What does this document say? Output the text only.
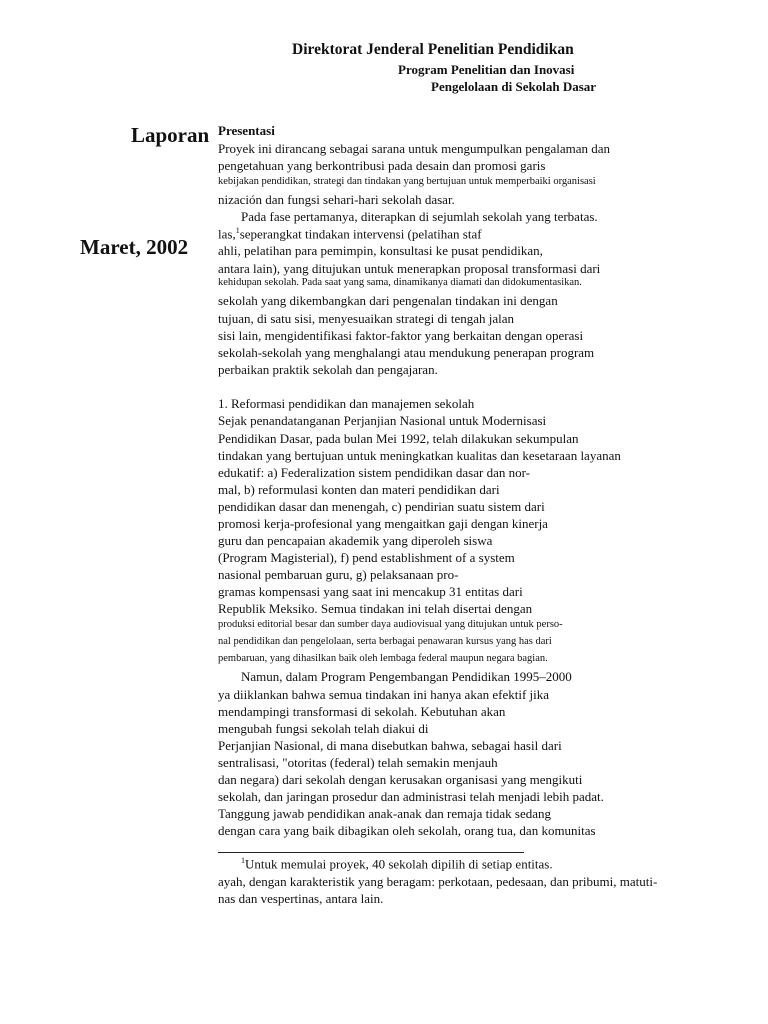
Direktorat Jenderal Penelitian Pendidikan
Program Penelitian dan Inovasi
Pengelolaan di Sekolah Dasar
Laporan
Maret, 2002
Presentasi
Proyek ini dirancang sebagai sarana untuk mengumpulkan pengalaman dan
pengetahuan yang berkontribusi pada desain dan promosi garis
kebijakan pendidikan, strategi dan tindakan yang bertujuan untuk memperbaiki organisasi
nización dan fungsi sehari-hari sekolah dasar.
Pada fase pertamanya, diterapkan di sejumlah sekolah yang terbatas.
las,$^1$seperangkat tindakan intervensi (pelatihan staf
ahli, pelatihan para pemimpin, konsultasi ke pusat pendidikan,
antara lain), yang ditujukan untuk menerapkan proposal transformasi dari
kehidupan sekolah. Pada saat yang sama, dinamikanya diamati dan didokumentasikan.
sekolah yang dikembangkan dari pengenalan tindakan ini dengan
tujuan, di satu sisi, menyesuaikan strategi di tengah jalan
sisi lain, mengidentifikasi faktor-faktor yang berkaitan dengan operasi
sekolah-sekolah yang menghalangi atau mendukung penerapan program
perbaikan praktik sekolah dan pengajaran.
1. Reformasi pendidikan dan manajemen sekolah
Sejak penandatanganan Perjanjian Nasional untuk Modernisasi
Pendidikan Dasar, pada bulan Mei 1992, telah dilakukan sekumpulan
tindakan yang bertujuan untuk meningkatkan kualitas dan kesetaraan layanan
edukatif: a) Federalization sistem pendidikan dasar dan nor-
mal, b) reformulasi konten dan materi pendidikan dari
pendidikan dasar dan menengah, c) pendirian suatu sistem dari
promosi kerja-profesional yang mengaitkan gaji dengan kinerja
guru dan pencapaian akademik yang diperoleh siswa
(Program Magisterial), f) pend establishment of a system
nasional pembaruan guru, g) pelaksanaan pro-
gramas kompensasi yang saat ini mencakup 31 entitas dari
Republik Meksiko. Semua tindakan ini telah disertai dengan
produksi editorial besar dan sumber daya audiovisual yang ditujukan untuk perso-
nal pendidikan dan pengelolaan, serta berbagai penawaran kursus yang has dari
pembaruan, yang dihasilkan baik oleh lembaga federal maupun negara bagian.
Namun, dalam Program Pengembangan Pendidikan 1995–2000
ya diiklankan bahwa semua tindakan ini hanya akan efektif jika
mendampingi transformasi di sekolah. Kebutuhan akan
mengubah fungsi sekolah telah diakui di
Perjanjian Nasional, di mana disebutkan bahwa, sebagai hasil dari
sentralisasi, "otoritas (federal) telah semakin menjauh
dan negara) dari sekolah dengan kerusakan organisasi yang mengikuti
sekolah, dan jaringan prosedur dan administrasi telah menjadi lebih padat.
Tanggung jawab pendidikan anak-anak dan remaja tidak sedang
dengan cara yang baik dibagikan oleh sekolah, orang tua, dan komunitas
$^1$Untuk memulai proyek, 40 sekolah dipilih di setiap entitas.
ayah, dengan karakteristik yang beragam: perkotaan, pedesaan, dan pribumi, matuti-
nas dan vespertinas, antara lain.
